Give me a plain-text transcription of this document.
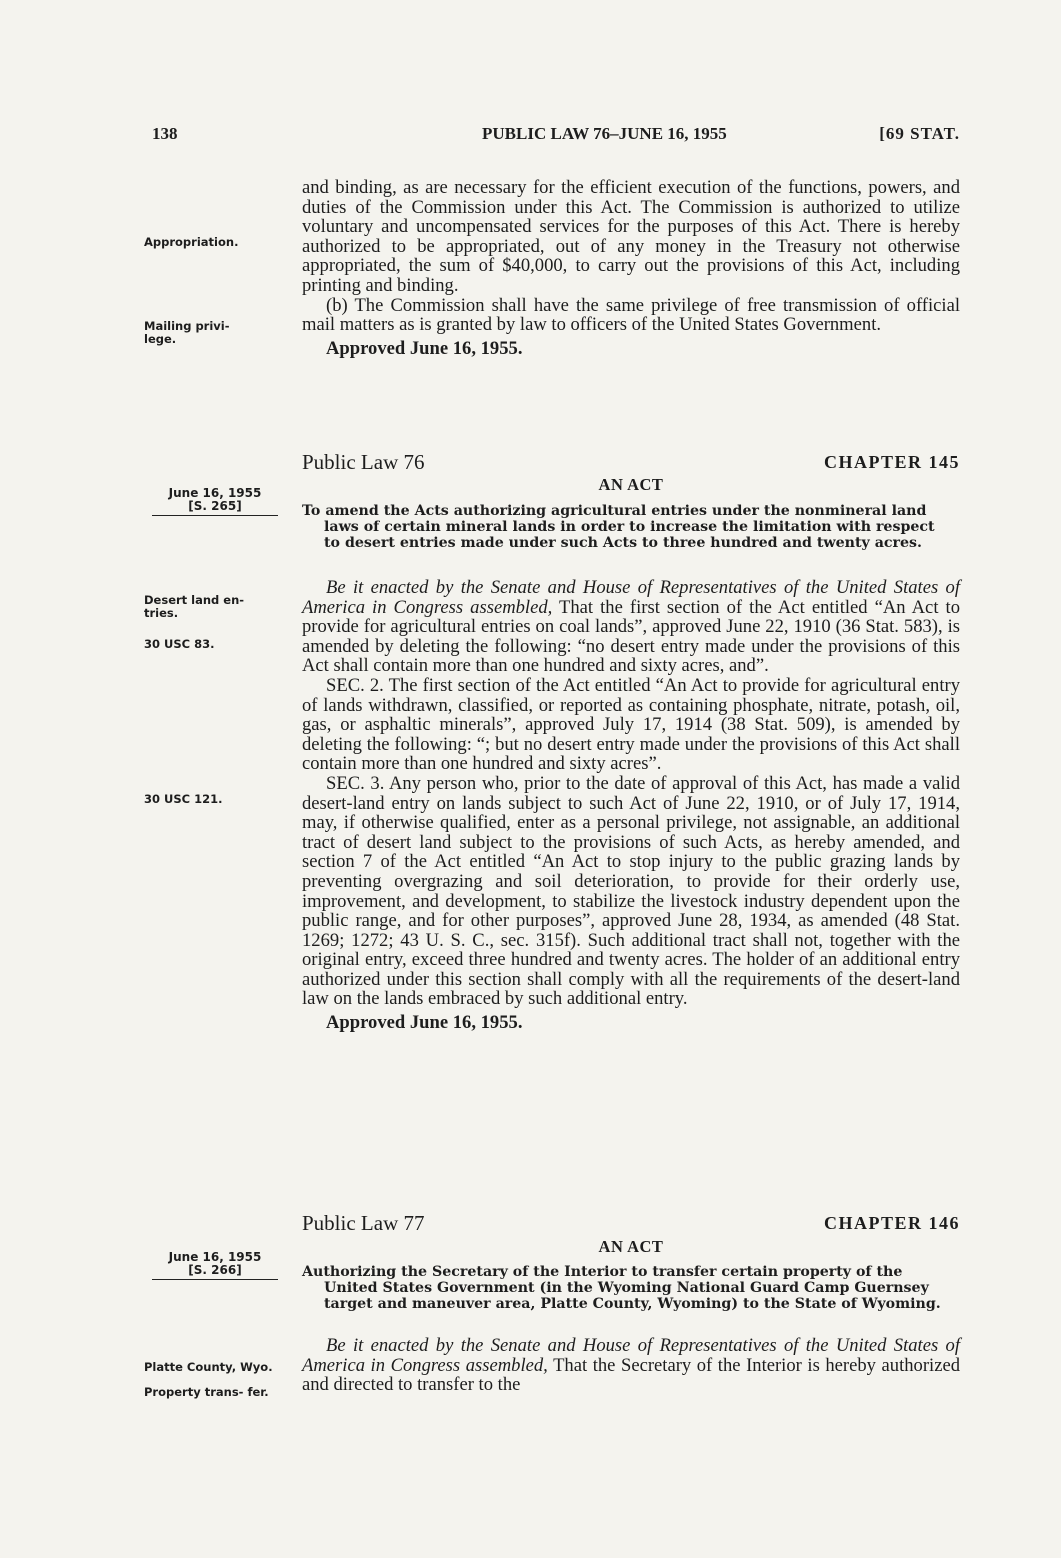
138	PUBLIC LAW 76–JUNE 16, 1955	[69 STAT.
Appropriation.
Mailing privi- lege.
June 16, 1955
[S. 265]
Desert land en- tries.
30 USC 83.
30 USC 121.
June 16, 1955
[S. 266]
Platte County, Wyo.
Property trans- fer.

and binding, as are necessary for the efficient execution of the functions, powers, and duties of the Commission under this Act. The Commission is authorized to utilize voluntary and uncompensated services for the purposes of this Act. There is hereby authorized to be appropriated, out of any money in the Treasury not otherwise appropriated, the sum of $40,000, to carry out the provisions of this Act, including printing and binding.

(b) The Commission shall have the same privilege of free transmission of official mail matters as is granted by law to officers of the United States Government.

Approved June 16, 1955.
Public Law 76	CHAPTER 145
AN ACT
To amend the Acts authorizing agricultural entries under the nonmineral land
laws of certain mineral lands in order to increase the limitation with respect
to desert entries made under such Acts to three hundred and twenty acres.

Be it enacted by the Senate and House of Representatives of the United States of America in Congress assembled, That the first section of the Act entitled “An Act to provide for agricultural entries on coal lands”, approved June 22, 1910 (36 Stat. 583), is amended by deleting the following: “no desert entry made under the provisions of this Act shall contain more than one hundred and sixty acres, and”.

SEC. 2. The first section of the Act entitled “An Act to provide for agricultural entry of lands withdrawn, classified, or reported as containing phosphate, nitrate, potash, oil, gas, or asphaltic minerals”, approved July 17, 1914 (38 Stat. 509), is amended by deleting the following: “; but no desert entry made under the provisions of this Act shall contain more than one hundred and sixty acres”.

SEC. 3. Any person who, prior to the date of approval of this Act, has made a valid desert-land entry on lands subject to such Act of June 22, 1910, or of July 17, 1914, may, if otherwise qualified, enter as a personal privilege, not assignable, an additional tract of desert land subject to the provisions of such Acts, as hereby amended, and section 7 of the Act entitled “An Act to stop injury to the public grazing lands by preventing overgrazing and soil deterioration, to provide for their orderly use, improvement, and development, to stabilize the livestock industry dependent upon the public range, and for other purposes”, approved June 28, 1934, as amended (48 Stat. 1269; 1272; 43 U. S. C., sec. 315f). Such additional tract shall not, together with the original entry, exceed three hundred and twenty acres. The holder of an additional entry authorized under this section shall comply with all the requirements of the desert-land law on the lands embraced by such additional entry.

Approved June 16, 1955.
Public Law 77	CHAPTER 146
AN ACT
Authorizing the Secretary of the Interior to transfer certain property of the
United States Government (in the Wyoming National Guard Camp Guernsey
target and maneuver area, Platte County, Wyoming) to the State of Wyoming.

Be it enacted by the Senate and House of Representatives of the United States of America in Congress assembled, That the Secretary of the Interior is hereby authorized and directed to transfer to the
